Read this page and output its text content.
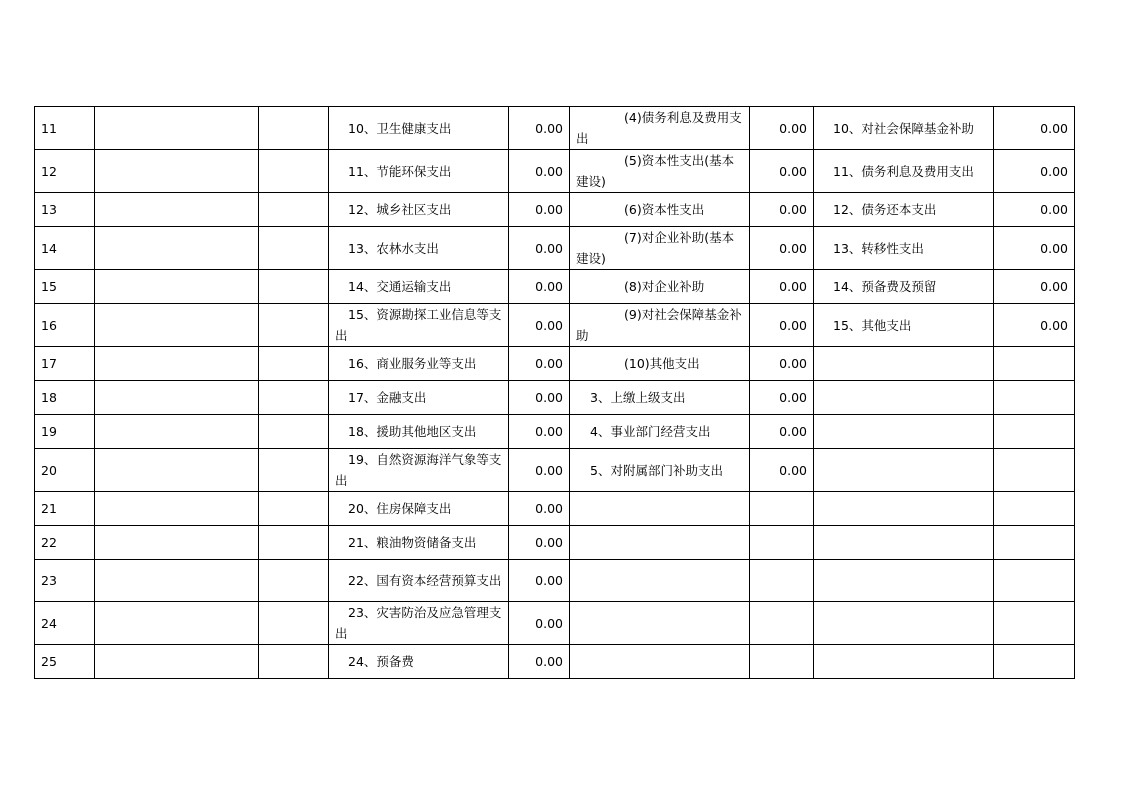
11			10、卫生健康支出	0.00	(4)债务利息及费用支出	0.00	10、对社会保障基金补助	0.00
12			11、节能环保支出	0.00	(5)资本性支出(基本建设)	0.00	11、债务利息及费用支出	0.00
13			12、城乡社区支出	0.00	(6)资本性支出	0.00	12、债务还本支出	0.00
14			13、农林水支出	0.00	(7)对企业补助(基本建设)	0.00	13、转移性支出	0.00
15			14、交通运输支出	0.00	(8)对企业补助	0.00	14、预备费及预留	0.00
16			15、资源勘探工业信息等支出	0.00	(9)对社会保障基金补助	0.00	15、其他支出	0.00
17			16、商业服务业等支出	0.00	(10)其他支出	0.00		
18			17、金融支出	0.00	3、上缴上级支出	0.00		
19			18、援助其他地区支出	0.00	4、事业部门经营支出	0.00		
20			19、自然资源海洋气象等支出	0.00	5、对附属部门补助支出	0.00		
21			20、住房保障支出	0.00				
22			21、粮油物资储备支出	0.00				
23			22、国有资本经营预算支出	0.00				
24			23、灾害防治及应急管理支出	0.00				
25			24、预备费	0.00				
